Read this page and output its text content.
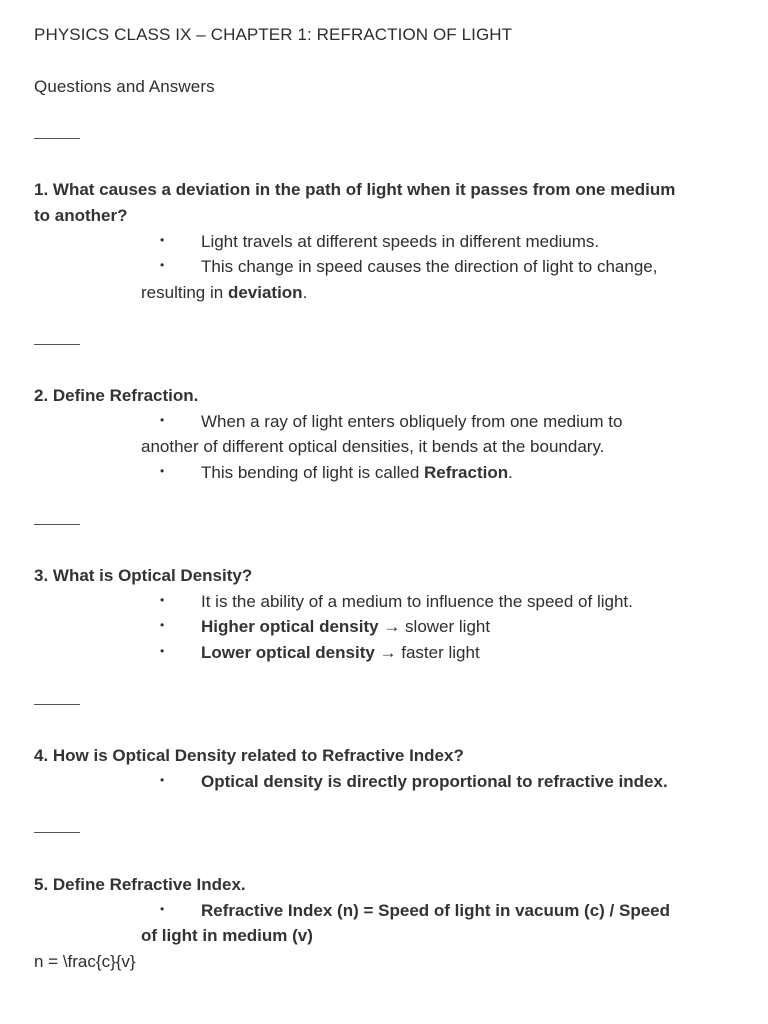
PHYSICS CLASS IX – CHAPTER 1: REFRACTION OF LIGHT
Questions and Answers
1. What causes a deviation in the path of light when it passes from one medium
to another?
• Light travels at different speeds in different mediums.
• This change in speed causes the direction of light to change,
resulting in deviation.
2. Define Refraction.
• When a ray of light enters obliquely from one medium to
another of different optical densities, it bends at the boundary.
• This bending of light is called Refraction.
3. What is Optical Density?
• It is the ability of a medium to influence the speed of light.
• Higher optical density → slower light
• Lower optical density → faster light
4. How is Optical Density related to Refractive Index?
• Optical density is directly proportional to refractive index.
5. Define Refractive Index.
• Refractive Index (n) = Speed of light in vacuum (c) / Speed
of light in medium (v)
n = \frac{c}{v}
